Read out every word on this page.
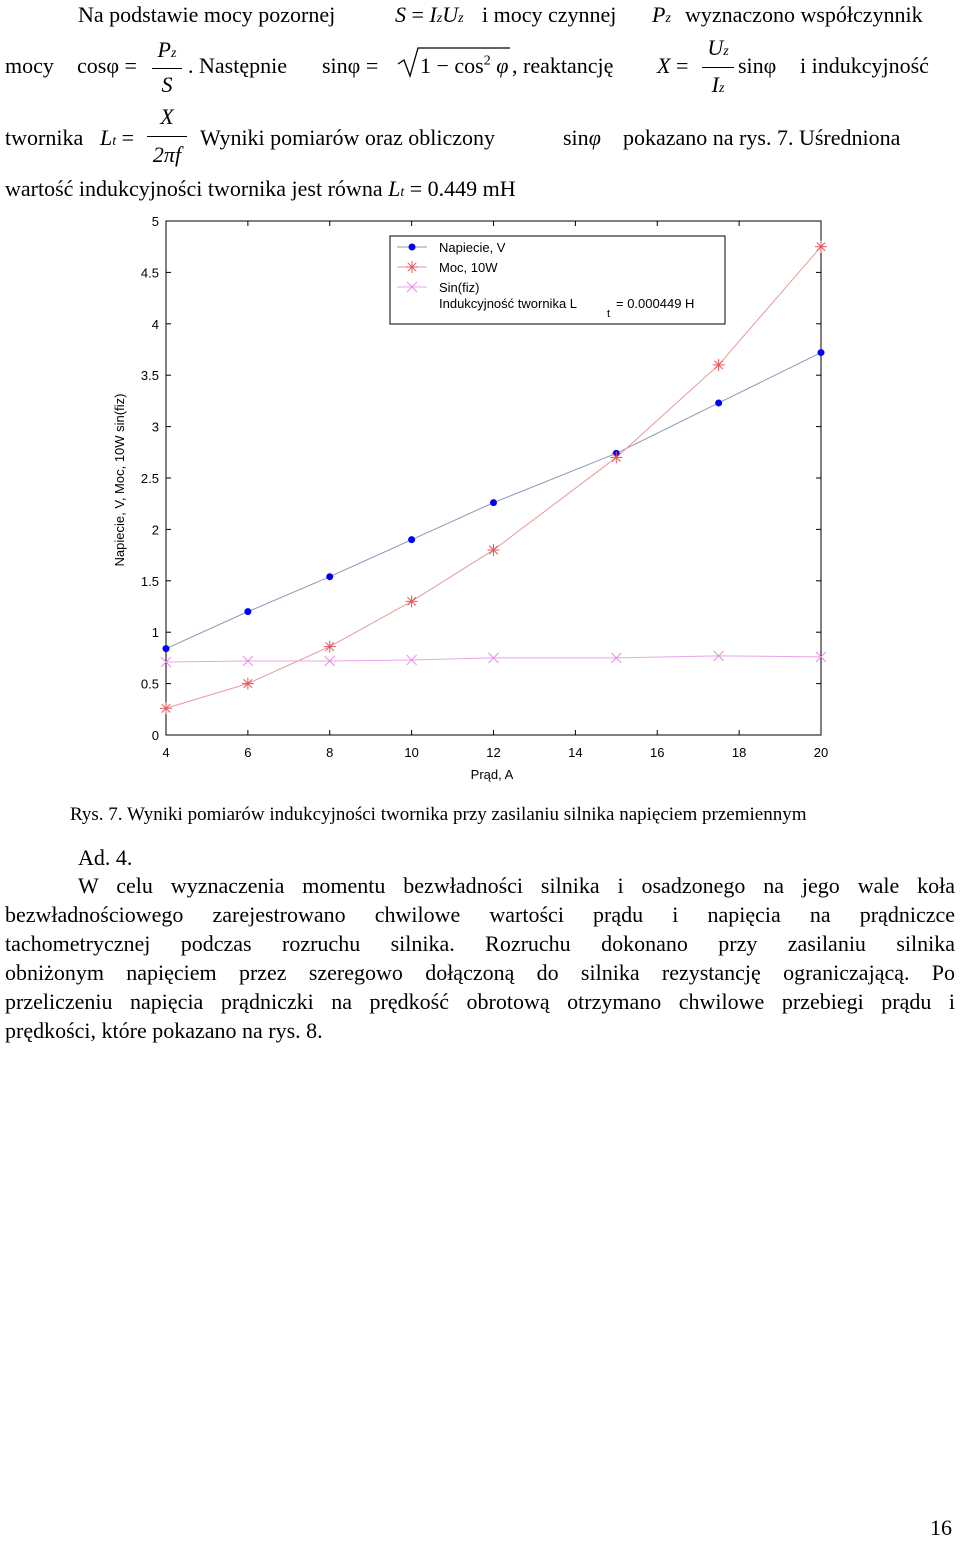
Na podstawie mocy pozornej	S = IzUz i mocy czynnej Pz wyznaczono współczynnik
mocy cosφ =
Pz
S
. Następnie $\sin\varphi = 1 - \cos^2 \varphi$ , reaktancję X =
Uz
Iz
sinφ i indukcyjność
twornika Lt =
X
2πf
Wyniki pomiarów oraz obliczony	sinφ pokazano na rys. 7. Uśredniona
wartość indukcyjności twornika jest równa Lt = 0.449 mH
4	6	8	10	12	14	16	18	20
0
0.5
1
1.5
2
2.5
3
3.5
4
4.5
5
Prąd, A
Napiecie, V, Moc, 10W sin(fiz)
Napiecie, V
Moc, 10W
Sin(fiz)
Indukcyjność twornika L
t
= 0.000449 H
Rys. 7. Wyniki pomiarów indukcyjności twornika przy zasilaniu silnika napięciem przemiennym
Ad. 4.
W celu wyznaczenia momentu bezwładności silnika i osadzonego na jego wale koła
bezwładnościowego zarejestrowano chwilowe wartości prądu i napięcia na prądniczce
tachometrycznej podczas rozruchu silnika. Rozruchu dokonano przy zasilaniu silnika
obniżonym napięciem przez szeregowo dołączoną do silnika rezystancję ograniczającą. Po
przeliczeniu napięcia prądniczki na prędkość obrotową otrzymano chwilowe przebiegi prądu i
prędkości, które pokazano na rys. 8.
16
